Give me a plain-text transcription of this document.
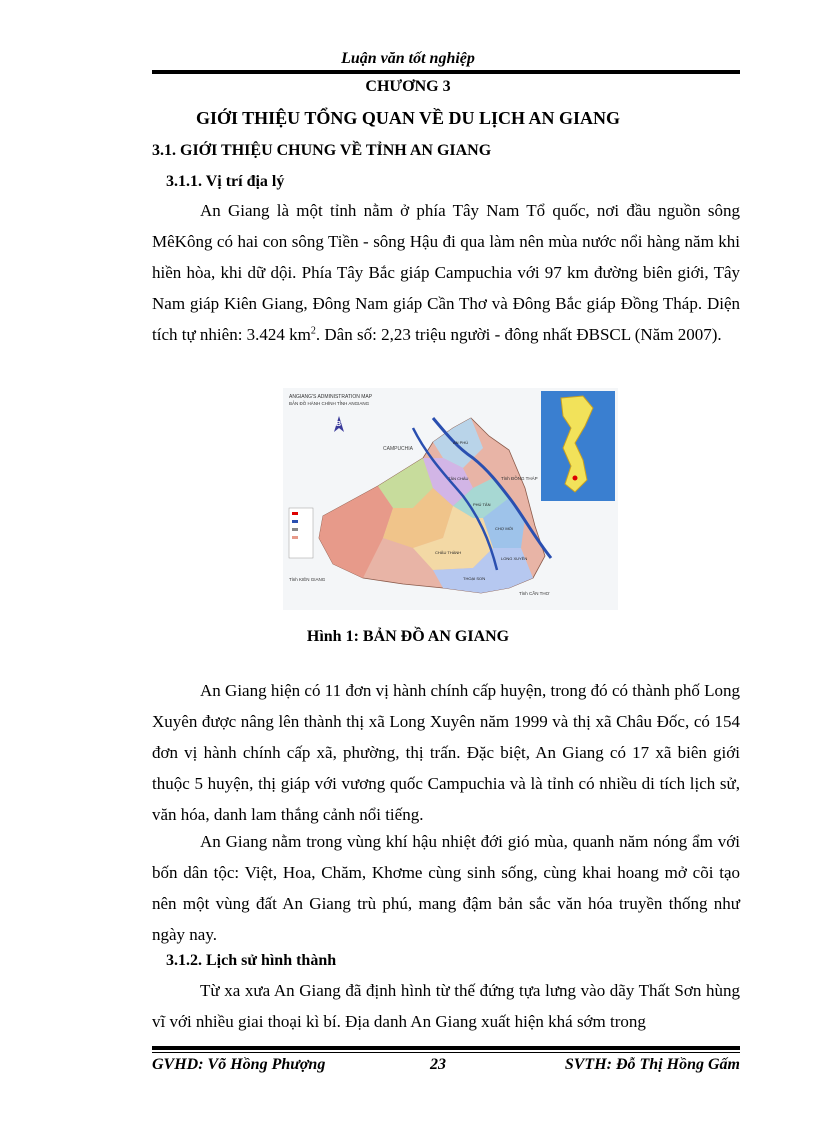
Luận văn tốt nghiệp
CHƯƠNG 3
GIỚI THIỆU TỔNG QUAN VỀ DU LỊCH AN GIANG
3.1. GIỚI THIỆU CHUNG VỀ TỈNH AN GIANG
3.1.1. Vị trí địa lý
An Giang là một tỉnh nằm ở phía Tây Nam Tổ quốc, nơi đầu nguồn sông MêKông có hai con sông Tiền - sông Hậu đi qua làm nên mùa nước nổi hàng năm khi hiền hòa, khi dữ dội. Phía Tây Bắc giáp Campuchia với 97 km đường biên giới, Tây Nam giáp Kiên Giang, Đông Nam giáp Cần Thơ và Đông Bắc giáp Đồng Tháp. Diện tích tự nhiên: 3.424 $km^2$. Dân số: 2,23 triệu người - đông nhất ĐBSCL (Năm 2007).
ANGIANG'S ADMINISTRATION MAP
BẢN ĐỒ HÀNH CHÍNH TỈNH ANGIANG
B
CAMPUCHIA
Tỉnh KIÊN GIANG
Tỉnh CẦN THƠ
Tỉnh ĐỒNG THÁP
AN PHÚ
TÂN CHÂU
PHÚ TÂN
CHỢ MỚI
CHÂU THÀNH
THOẠI SƠN
LONG XUYÊN
Hình 1: BẢN ĐỒ AN GIANG
An Giang hiện có 11 đơn vị hành chính cấp huyện, trong đó có thành phố Long Xuyên được nâng lên thành thị xã Long Xuyên năm 1999 và thị xã Châu Đốc, có 154 đơn vị hành chính cấp xã, phường, thị trấn. Đặc biệt, An Giang có 17 xã biên giới thuộc 5 huyện, thị giáp với vương quốc Campuchia và là tỉnh có nhiều di tích lịch sử, văn hóa, danh lam thắng cảnh nổi tiếng.
An Giang nằm trong vùng khí hậu nhiệt đới gió mùa, quanh năm nóng ẩm với bốn dân tộc: Việt, Hoa, Chăm, Khơme cùng sinh sống, cùng khai hoang mở cõi tạo nên một vùng đất An Giang trù phú, mang đậm bản sắc văn hóa truyền thống như ngày nay.
3.1.2. Lịch sử hình thành
Từ xa xưa An Giang đã định hình từ thế đứng tựa lưng vào dãy Thất Sơn hùng vĩ với nhiều giai thoại kì bí. Địa danh An Giang xuất hiện khá sớm trong
GVHD: Võ Hồng Phượng	23	SVTH: Đỗ Thị Hồng Gấm
